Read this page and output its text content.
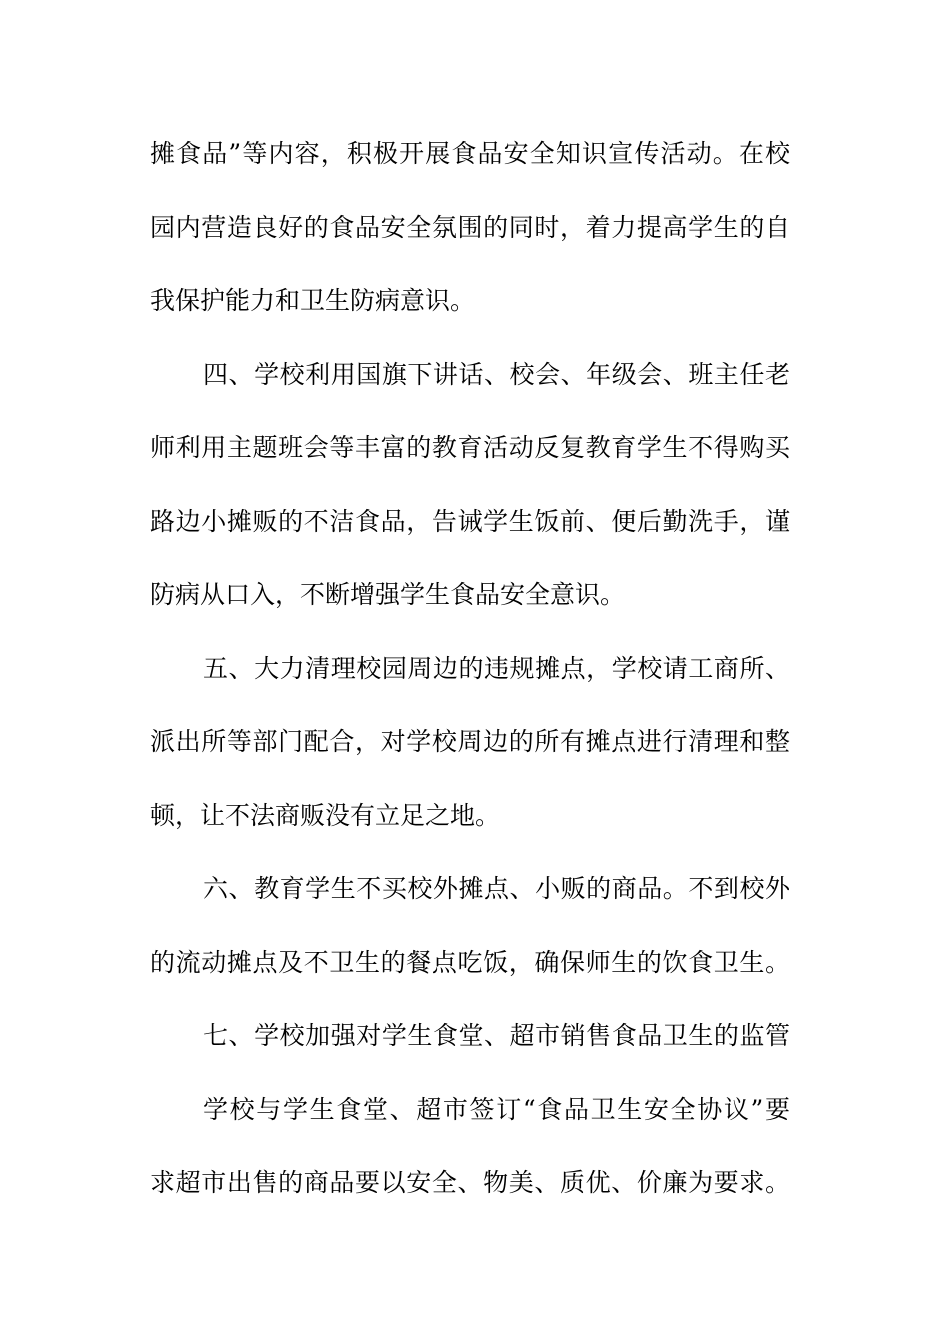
摊食品”等内容，积极开展食品安全知识宣传活动。在校
园内营造良好的食品安全氛围的同时，着力提高学生的自
我保护能力和卫生防病意识。
四、学校利用国旗下讲话、校会、年级会、班主任老
师利用主题班会等丰富的教育活动反复教育学生不得购买
路边小摊贩的不洁食品，告诫学生饭前、便后勤洗手，谨
防病从口入，不断增强学生食品安全意识。
五、大力清理校园周边的违规摊点，学校请工商所、
派出所等部门配合，对学校周边的所有摊点进行清理和整
顿，让不法商贩没有立足之地。
六、教育学生不买校外摊点、小贩的商品。不到校外
的流动摊点及不卫生的餐点吃饭，确保师生的饮食卫生。
七、学校加强对学生食堂、超市销售食品卫生的监管
学校与学生食堂、超市签订“食品卫生安全协议”要
求超市出售的商品要以安全、物美、质优、价廉为要求。
